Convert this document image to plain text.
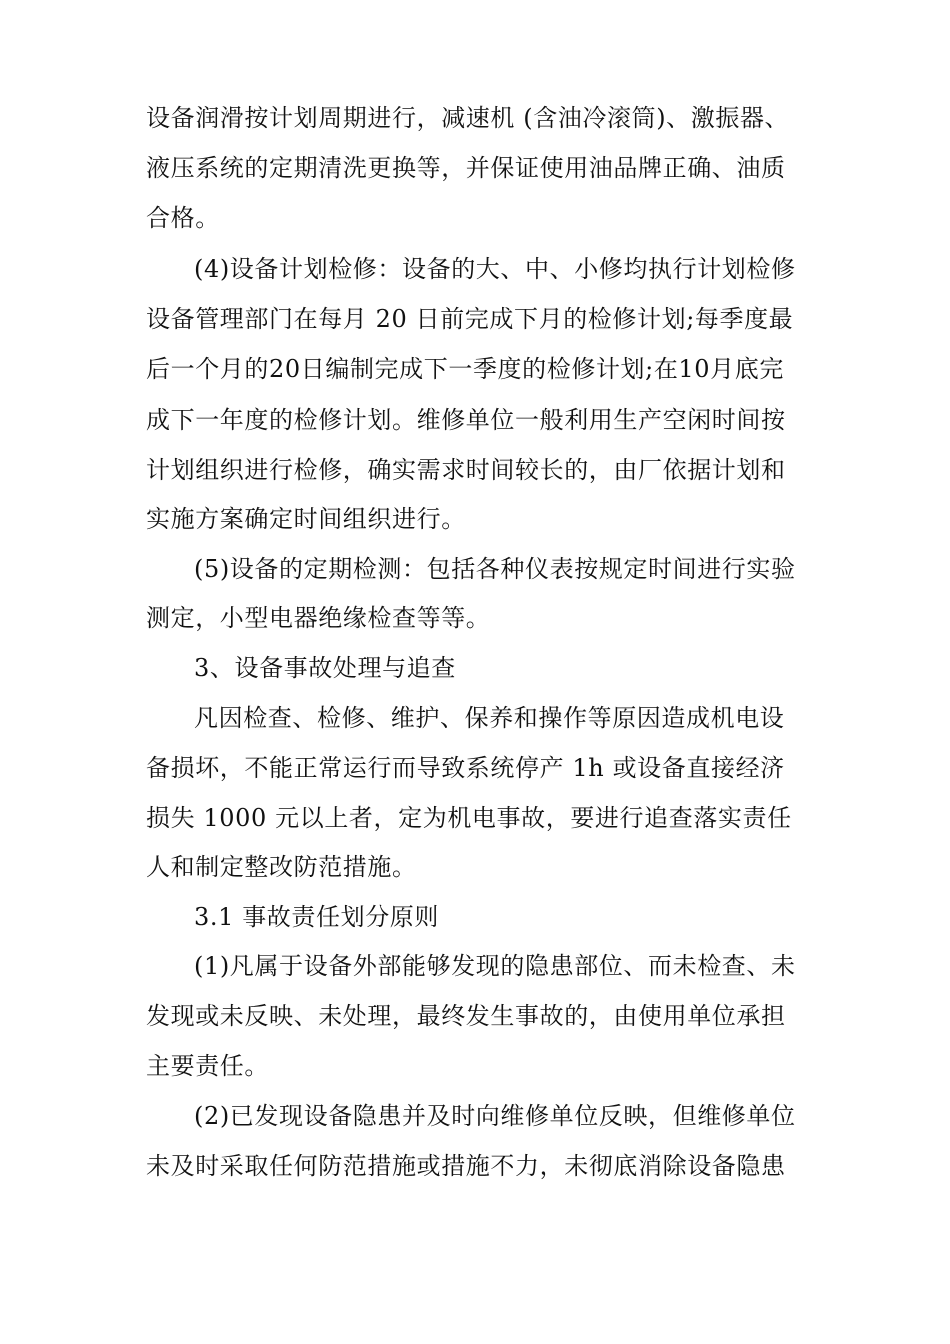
设备润滑按计划周期进行，减速机 (含油冷滚筒)、激振器、
液压系统的定期清洗更换等，并保证使用油品牌正确、油质
合格。
(4)设备计划检修：设备的大、中、小修均执行计划检修
设备管理部门在每月 20 日前完成下月的检修计划;每季度最
后一个月的20日编制完成下一季度的检修计划;在10月底完
成下一年度的检修计划。维修单位一般利用生产空闲时间按
计划组织进行检修，确实需求时间较长的，由厂依据计划和
实施方案确定时间组织进行。
(5)设备的定期检测：包括各种仪表按规定时间进行实验
测定，小型电器绝缘检查等等。
3、设备事故处理与追查
凡因检查、检修、维护、保养和操作等原因造成机电设
备损坏，不能正常运行而导致系统停产 1h 或设备直接经济
损失 1000 元以上者，定为机电事故，要进行追查落实责任
人和制定整改防范措施。
3.1 事故责任划分原则
(1)凡属于设备外部能够发现的隐患部位、而未检查、未
发现或未反映、未处理，最终发生事故的，由使用单位承担
主要责任。
(2)已发现设备隐患并及时向维修单位反映，但维修单位
未及时采取任何防范措施或措施不力，未彻底消除设备隐患
